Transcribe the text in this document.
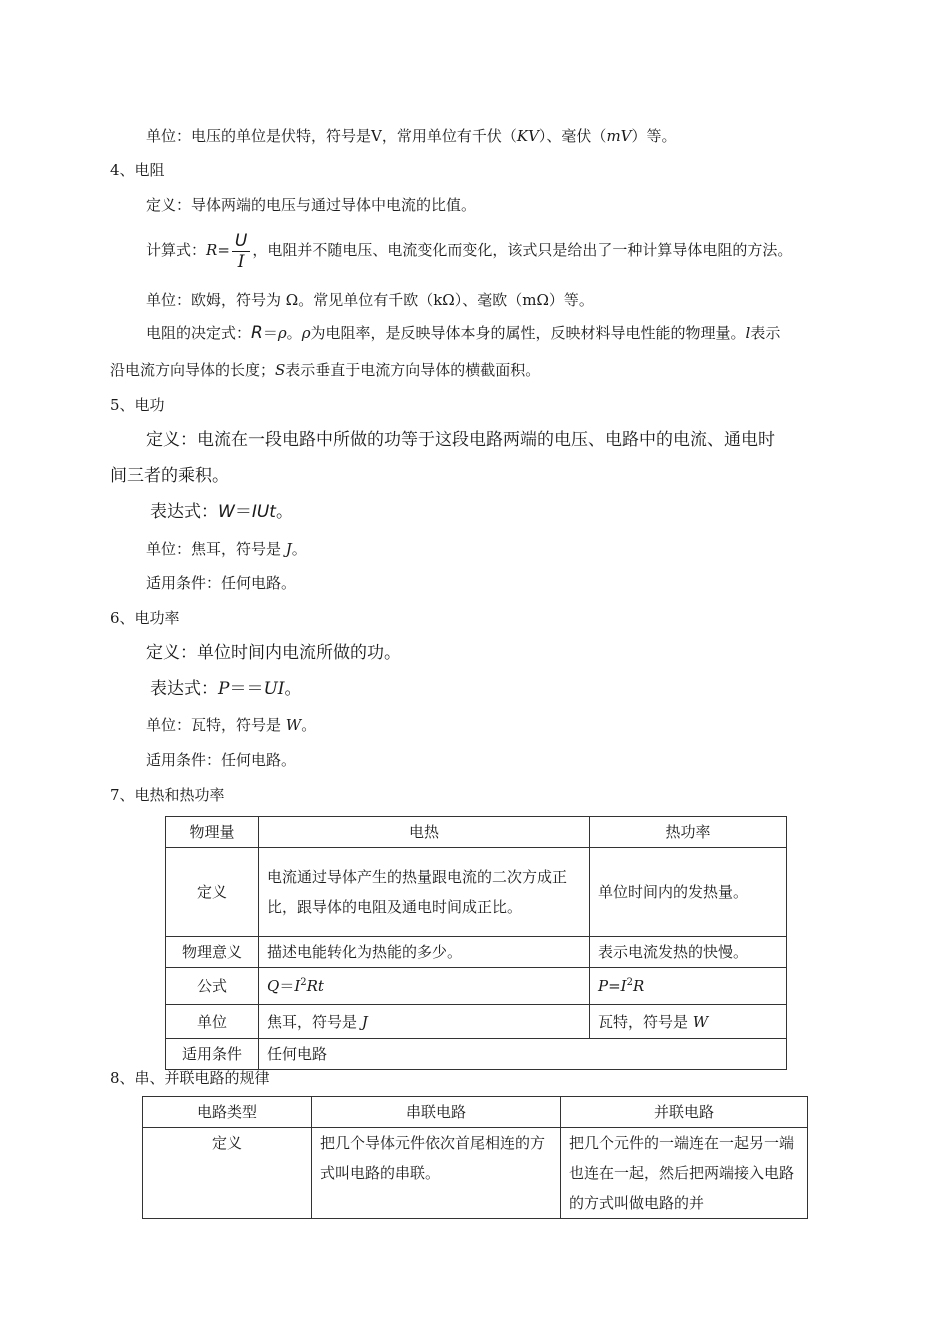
单位：电压的单位是伏特，符号是V，常用单位有千伏（KV）、毫伏（mV）等。
4、电阻
定义：导体两端的电压与通过导体中电流的比值。
计算式：$R= \frac{U}{I}$ ，电阻并不随电压、电流变化而变化，该式只是给出了一种计算导体电阻的方法。
单位：欧姆，符号为 Ω。常见单位有千欧（kΩ）、毫欧（mΩ）等。
电阻的决定式：R＝ρ。ρ为电阻率，是反映导体本身的属性，反映材料导电性能的物理量。l表示
沿电流方向导体的长度；S表示垂直于电流方向导体的横截面积。
5、电功
定义：电流在一段电路中所做的功等于这段电路两端的电压、电路中的电流、通电时
间三者的乘积。
表达式：W＝IUt。
单位：焦耳，符号是 J。
适用条件：任何电路。
6、电功率
定义：单位时间内电流所做的功。
表达式：P＝＝UI。
单位：瓦特，符号是 W。
适用条件：任何电路。
7、电热和热功率
物理量	电热	热功率
定义	电流通过导体产生的热量跟电流的二次方成正比，跟导体的电阻及通电时间成正比。	单位时间内的发热量。
物理意义	描述电能转化为热能的多少。	表示电流发热的快慢。
公式	$Q=I^2Rt$	$P=I^2R$
单位	焦耳，符号是 J	瓦特，符号是 W
适用条件	任何电路	
8、串、并联电路的规律
电路类型	串联电路	并联电路
定义	把几个导体元件依次首尾相连的方式叫电路的串联。	把几个元件的一端连在一起另一端也连在一起，然后把两端接入电路的方式叫做电路的并
